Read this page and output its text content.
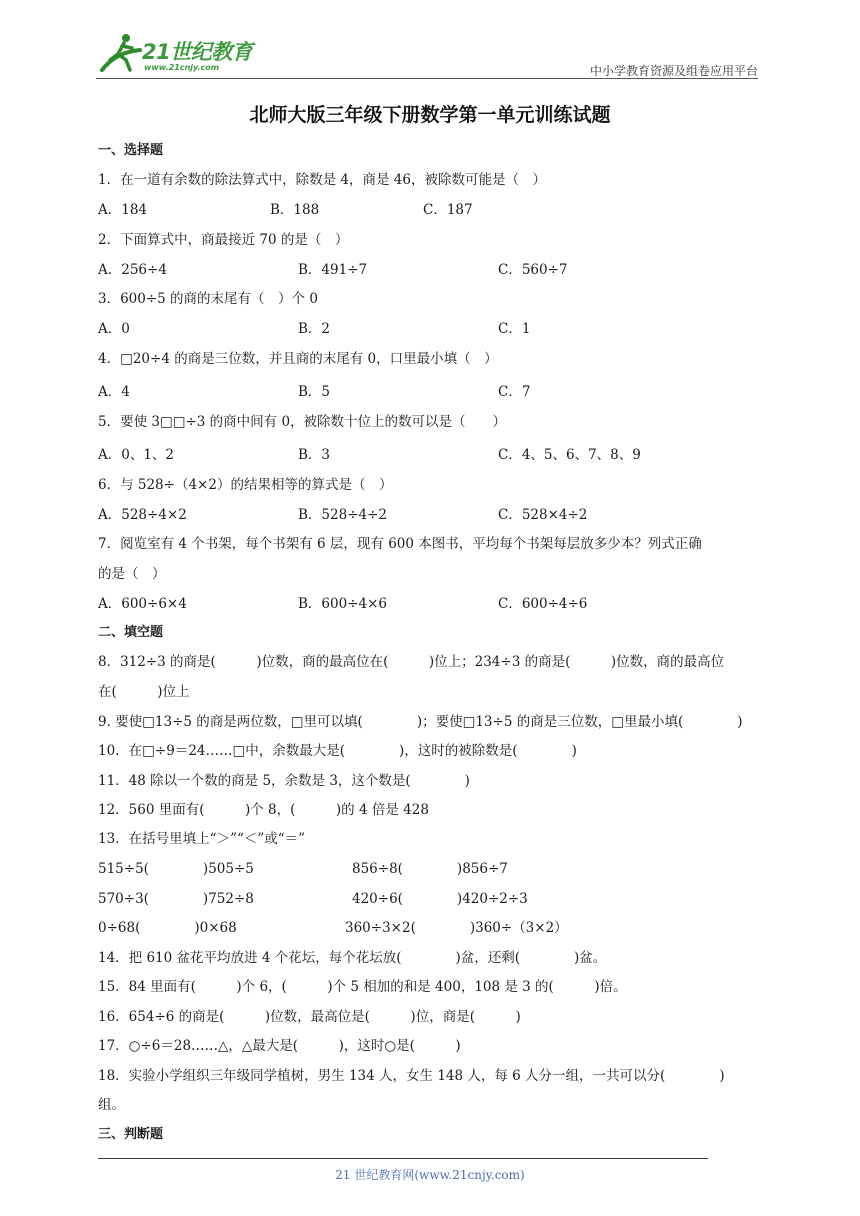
21世纪教育
www.21cnjy.com	中小学教育资源及组卷应用平台
北师大版三年级下册数学第一单元训练试题
一、选择题
1．在一道有余数的除法算式中，除数是 4，商是 46，被除数可能是（　）
A．184	B．188	C．187
2．下面算式中，商最接近 70 的是（　）
A．256÷4	B．491÷7	C．560÷7
3．600÷5 的商的末尾有（　）个 0
A．0	B．2	C．1
4．□20÷4 的商是三位数，并且商的末尾有 0，口里最小填（　）
A．4	B．5	C．7
5．要使 3□□÷3 的商中间有 0，被除数十位上的数可以是（　　）
A．0、1、2	B．3	C．4、5、6、7、8、9
6．与 528÷（4×2）的结果相等的算式是（　）
A．528÷4×2	B．528÷4÷2	C．528×4÷2
7．阅览室有 4 个书架，每个书架有 6 层，现有 600 本图书，平均每个书架每层放多少本？列式正确
的是（　）
A．600÷6×4	B．600÷4×6	C．600÷4÷6
二、填空题
8．312÷3 的商是(　　　)位数，商的最高位在(　　　)位上；234÷3 的商是(　　　)位数，商的最高位
在(　　　)位上
9. 要使□13÷5 的商是两位数，□里可以填(　　　　)；要使□13÷5 的商是三位数，□里最小填(　　　　)
10．在□÷9＝24……□中，余数最大是(　　　　)，这时的被除数是(　　　　)
11．48 除以一个数的商是 5，余数是 3，这个数是(　　　　)
12．560 里面有(　　　)个 8，(　　　)的 4 倍是 428
13．在括号里填上“＞”“＜”或“＝”
515÷5(　　　　)505÷5	856÷8(　　　　)856÷7
570÷3(　　　　)752÷8	420÷6(　　　　)420÷2÷3
0÷68(　　　　)0×68	360÷3×2(　　　　)360÷（3×2）
14．把 610 盆花平均放进 4 个花坛，每个花坛放(　　　　)盆，还剩(　　　　)盆。
15．84 里面有(　　　)个 6，(　　　)个 5 相加的和是 400，108 是 3 的(　　　)倍。
16．654÷6 的商是(　　　)位数，最高位是(　　　)位，商是(　　　)
17．○÷6＝28……△，△最大是(　　　)，这时○是(　　　)
18．实验小学组织三年级同学植树，男生 134 人，女生 148 人，每 6 人分一组，一共可以分(　　　　)
组。
三、判断题
21 世纪教育网(www.21cnjy.com)
